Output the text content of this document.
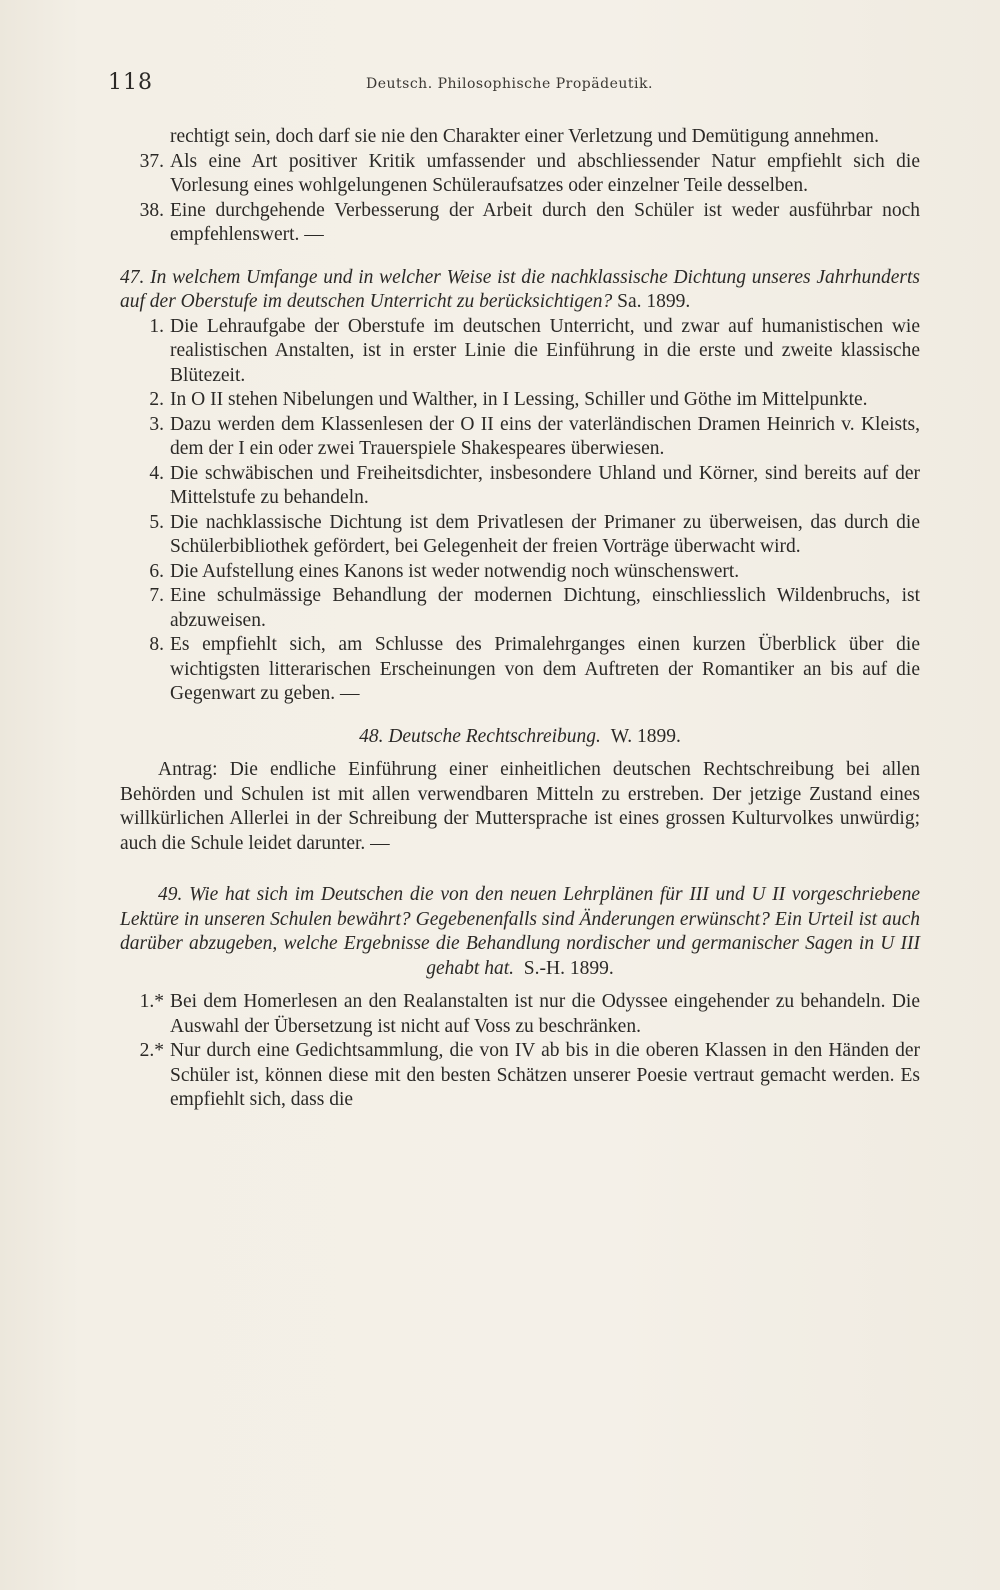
118	Deutsch. Philosophische Propädeutik.

rechtigt sein, doch darf sie nie den Charakter einer Verletzung und Demütigung annehmen.

37. Als eine Art positiver Kritik umfassender und abschliessender Natur empfiehlt sich die Vorlesung eines wohlgelungenen Schüleraufsatzes oder einzelner Teile desselben.
38. Eine durchgehende Verbesserung der Arbeit durch den Schüler ist weder ausführbar noch empfehlenswert. —

47. In welchem Umfange und in welcher Weise ist die nachklassische Dichtung unseres Jahrhunderts auf der Oberstufe im deutschen Unterricht zu berücksichtigen? Sa. 1899.

1. Die Lehraufgabe der Oberstufe im deutschen Unterricht, und zwar auf humanistischen wie realistischen Anstalten, ist in erster Linie die Einführung in die erste und zweite klassische Blütezeit.
2. In O II stehen Nibelungen und Walther, in I Lessing, Schiller und Göthe im Mittelpunkte.
3. Dazu werden dem Klassenlesen der O II eins der vaterländischen Dramen Heinrich v. Kleists, dem der I ein oder zwei Trauerspiele Shakespeares überwiesen.
4. Die schwäbischen und Freiheitsdichter, insbesondere Uhland und Körner, sind bereits auf der Mittelstufe zu behandeln.
5. Die nachklassische Dichtung ist dem Privatlesen der Primaner zu überweisen, das durch die Schülerbibliothek gefördert, bei Gelegenheit der freien Vorträge überwacht wird.
6. Die Aufstellung eines Kanons ist weder notwendig noch wünschenswert.
7. Eine schulmässige Behandlung der modernen Dichtung, einschliesslich Wildenbruchs, ist abzuweisen.
8. Es empfiehlt sich, am Schlusse des Primalehrganges einen kurzen Überblick über die wichtigsten litterarischen Erscheinungen von dem Auftreten der Romantiker an bis auf die Gegenwart zu geben. —

48. Deutsche Rechtschreibung. W. 1899.

Antrag: Die endliche Einführung einer einheitlichen deutschen Rechtschreibung bei allen Behörden und Schulen ist mit allen verwendbaren Mitteln zu erstreben. Der jetzige Zustand eines willkürlichen Allerlei in der Schreibung der Muttersprache ist eines grossen Kulturvolkes unwürdig; auch die Schule leidet darunter. —

49. Wie hat sich im Deutschen die von den neuen Lehrplänen für III und U II vorgeschriebene Lektüre in unseren Schulen bewährt? Gegebenenfalls sind Änderungen erwünscht? Ein Urteil ist auch darüber abzugeben, welche Ergebnisse die Behandlung nordischer und germanischer Sagen in U III gehabt hat. S.-H. 1899.

1.* Bei dem Homerlesen an den Realanstalten ist nur die Odyssee eingehender zu behandeln. Die Auswahl der Übersetzung ist nicht auf Voss zu beschränken.
2.* Nur durch eine Gedichtsammlung, die von IV ab bis in die oberen Klassen in den Händen der Schüler ist, können diese mit den besten Schätzen unserer Poesie vertraut gemacht werden. Es empfiehlt sich, dass die
